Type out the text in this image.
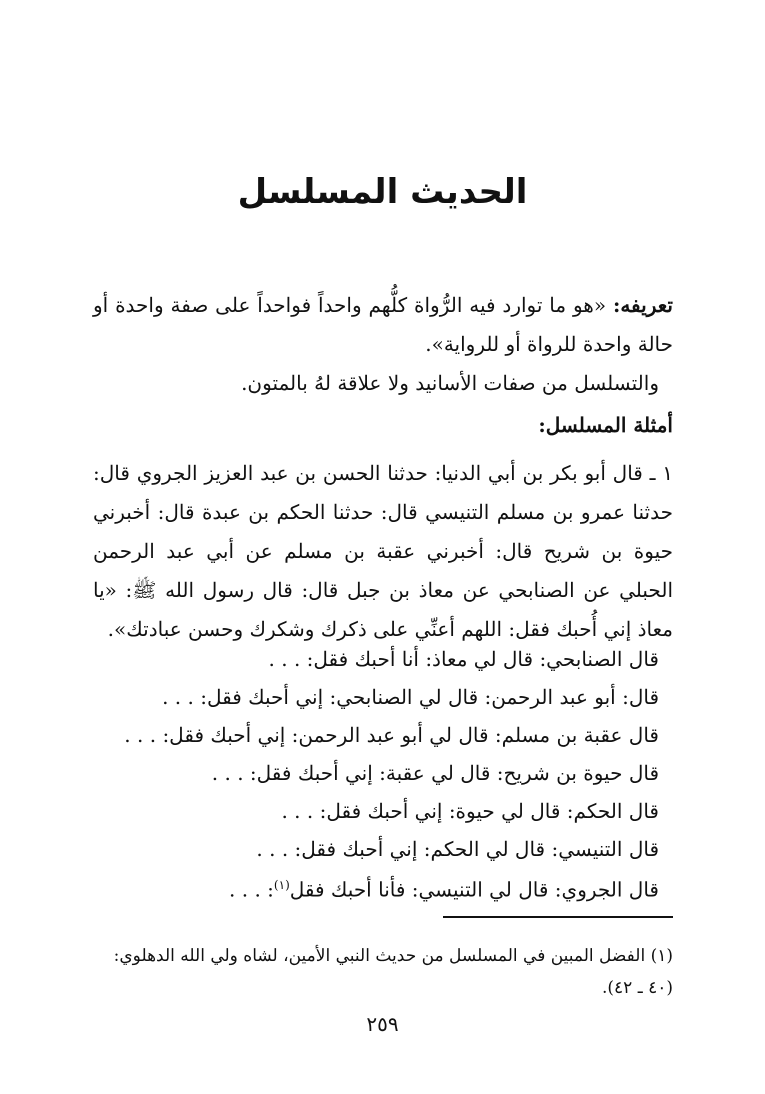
الحديث المسلسل
تعريفه: «هو ما توارد فيه الرُّواة كلُّهم واحداً فواحداً على صفة واحدة أو حالة واحدة للرواة أو للرواية».
والتسلسل من صفات الأسانيد ولا علاقة لهُ بالمتون.
أمثلة المسلسل:
١ ـ قال أبو بكر بن أبي الدنيا: حدثنا الحسن بن عبد العزيز الجروي قال: حدثنا عمرو بن مسلم التنيسي قال: حدثنا الحكم بن عبدة قال: أخبرني حيوة بن شريح قال: أخبرني عقبة بن مسلم عن أبي عبد الرحمن الحبلي عن الصنابحي عن معاذ بن جبل قال: قال رسول الله ﷺ: «يا معاذ إني أُحبك فقل: اللهم أعنِّي على ذكرك وشكرك وحسن عبادتك».
قال الصنابحي: قال لي معاذ: أنا أحبك فقل: . . .
قال: أبو عبد الرحمن: قال لي الصنابحي: إني أحبك فقل: . . .
قال عقبة بن مسلم: قال لي أبو عبد الرحمن: إني أحبك فقل: . . .
قال حيوة بن شريح: قال لي عقبة: إني أحبك فقل: . . .
قال الحكم: قال لي حيوة: إني أحبك فقل: . . .
قال التنيسي: قال لي الحكم: إني أحبك فقل: . . .
قال الجروي: قال لي التنيسي: فأنا أحبك فقل$^{(١)}$: . . .
(١) الفضل المبين في المسلسل من حديث النبي الأمين، لشاه ولي الله الدهلوي: (٤٠ ـ ٤٢).
٢٥٩
